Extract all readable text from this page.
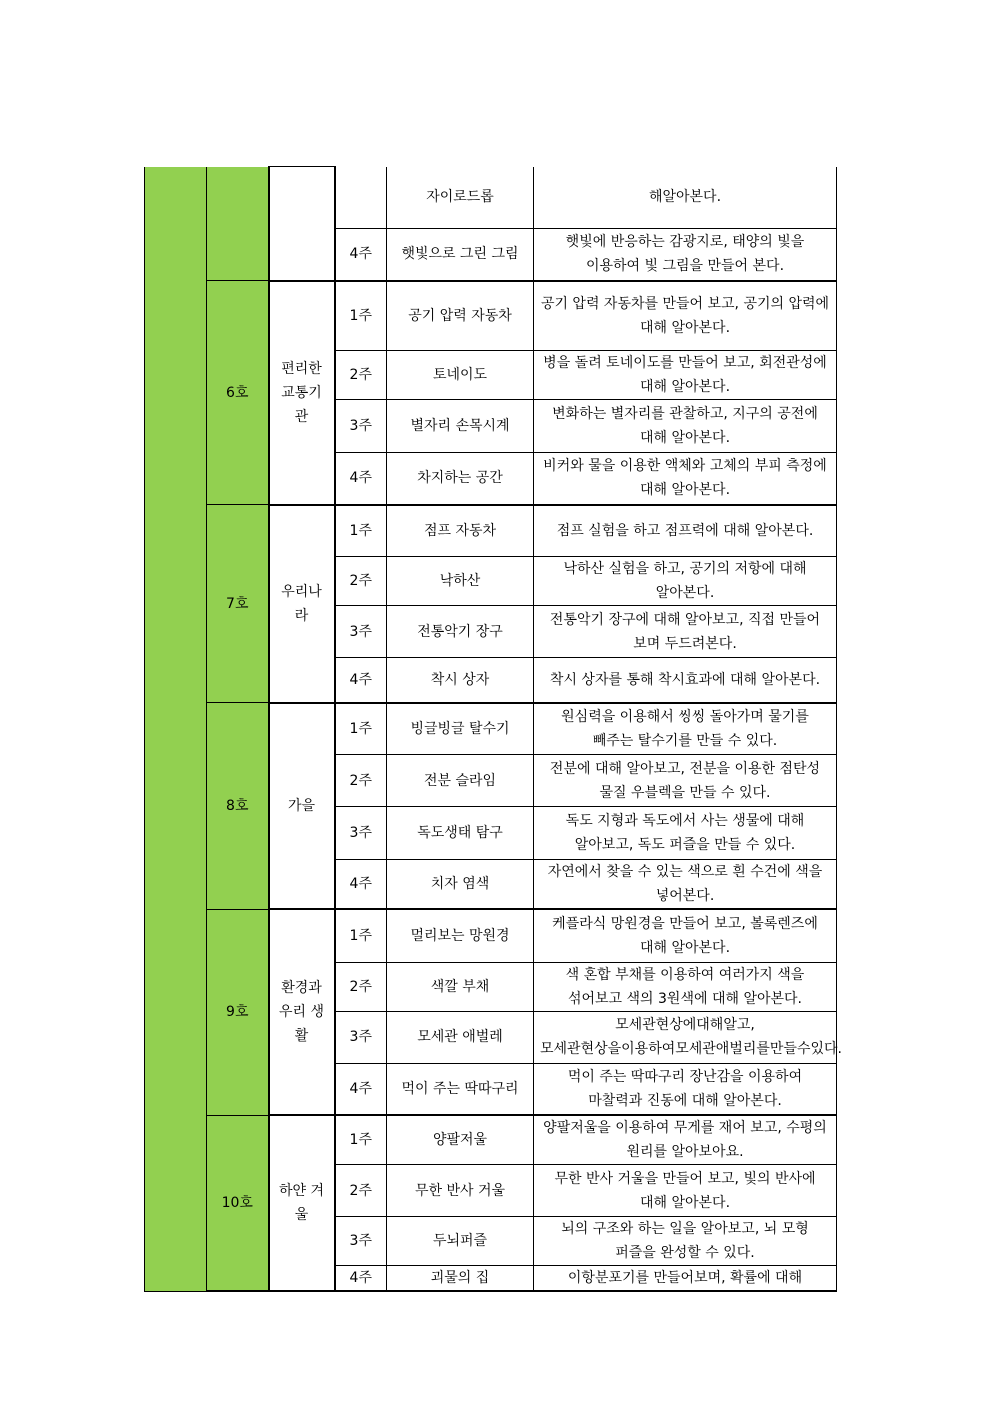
				자이로드롭	해알아본다.
			4주	햇빛으로 그린 그림	햇빛에 반응하는 감광지로, 태양의 빛을 이용하여 빛 그림을 만들어 본다.
	6호	편리한 교통기관	1주	공기 압력 자동차	공기 압력 자동차를 만들어 보고, 공기의 압력에 대해 알아본다.
			2주	토네이도	병을 돌려 토네이도를 만들어 보고, 회전관성에 대해 알아본다.
			3주	별자리 손목시계	변화하는 별자리를 관찰하고, 지구의 공전에 대해 알아본다.
			4주	차지하는 공간	비커와 물을 이용한 액체와 고체의 부피 측정에 대해 알아본다.
	7호	우리나라	1주	점프 자동차	점프 실험을 하고 점프력에 대해 알아본다.
			2주	낙하산	낙하산 실험을 하고, 공기의 저항에 대해 알아본다.
			3주	전통악기 장구	전통악기 장구에 대해 알아보고, 직접 만들어 보며 두드려본다.
			4주	착시 상자	착시 상자를 통해 착시효과에 대해 알아본다.
	8호	가을	1주	빙글빙글 탈수기	원심력을 이용해서 씽씽 돌아가며 물기를 빼주는 탈수기를 만들 수 있다.
			2주	전분 슬라임	전분에 대해 알아보고, 전분을 이용한 점탄성 물질 우블렉을 만들 수 있다.
			3주	독도생태 탐구	독도 지형과 독도에서 사는 생물에 대해 알아보고, 독도 퍼즐을 만들 수 있다.
			4주	치자 염색	자연에서 찾을 수 있는 색으로 흰 수건에 색을 넣어본다.
	9호	환경과 우리 생활	1주	멀리보는 망원경	케플라식 망원경을 만들어 보고, 볼록렌즈에 대해 알아본다.
			2주	색깔 부채	색 혼합 부채를 이용하여 여러가지 색을 섞어보고 색의 3원색에 대해 알아본다.
			3주	모세관 애벌레	모세관현상에대해알고,모세관현상을이용하여모세관애벌리를만들수있다.
			4주	먹이 주는 딱따구리	먹이 주는 딱따구리 장난감을 이용하여 마찰력과 진동에 대해 알아본다.
	10호	하얀 겨울	1주	양팔저울	양팔저울을 이용하여 무게를 재어 보고, 수평의 원리를 알아보아요.
			2주	무한 반사 거울	무한 반사 거울을 만들어 보고, 빛의 반사에 대해 알아본다.
			3주	두뇌퍼즐	뇌의 구조와 하는 일을 알아보고, 뇌 모형 퍼즐을 완성할 수 있다.
			4주	괴물의 집	이항분포기를 만들어보며, 확률에 대해
